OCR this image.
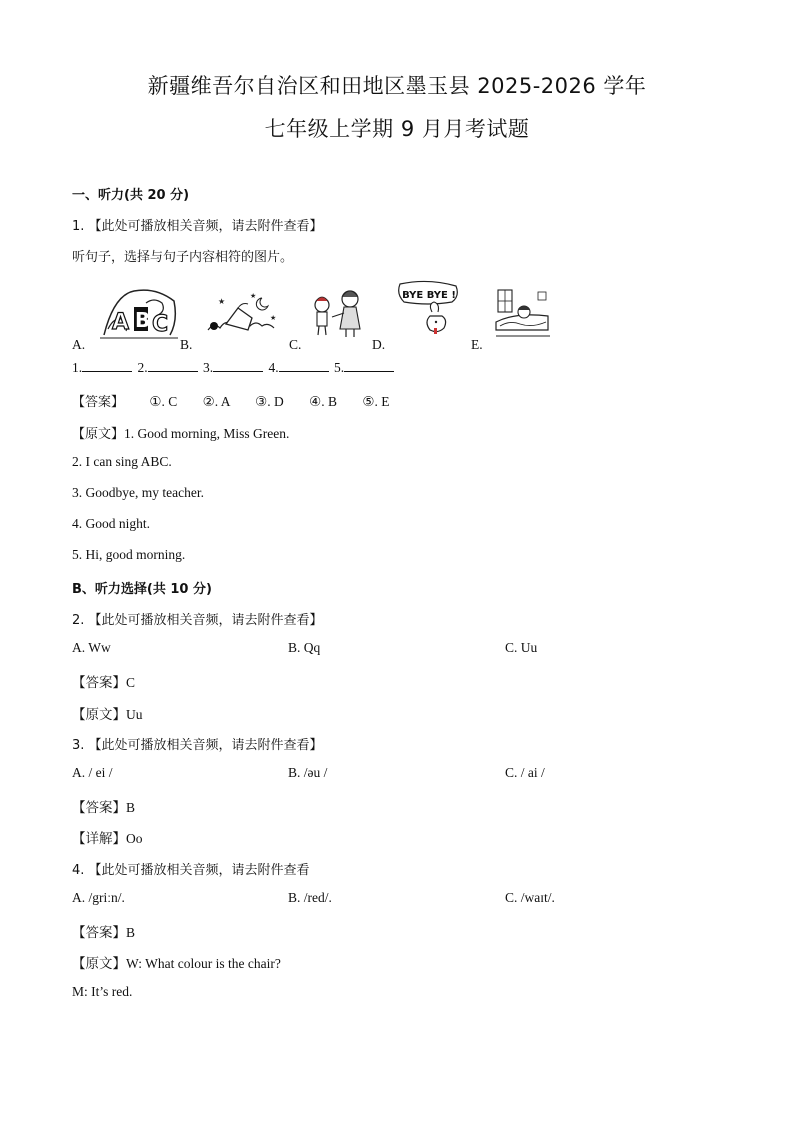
新疆维吾尔自治区和田地区墨玉县 2025-2026 学年
七年级上学期 9 月月考试题
一、听力(共 20 分)
1. 【此处可播放相关音频，请去附件查看】
听句子，选择与句子内容相符的图片。
A B C
A.
★
★
★
B.	C.
BYE BYE !
D.	E.
1.	2.	3.	4.	5.
【答案】 ①. C ②. A ③. D ④. B ⑤. E
【原文】1. Good morning, Miss Green.
2. I can sing ABC.
3. Goodbye, my teacher.
4. Good night.
5. Hi, good morning.
B、听力选择(共 10 分)
2. 【此处可播放相关音频，请去附件查看】
A. Ww	B. Qq	C. Uu
【答案】C
【原文】Uu
3. 【此处可播放相关音频，请去附件查看】
A. / ei /	B. /əu /	C. / ai /
【答案】B
【详解】Oo
4. 【此处可播放相关音频，请去附件查看
A. /griːn/.	B. /red/.	C. /waɪt/.
【答案】B
【原文】W: What colour is the chair?
M: It’s red.
